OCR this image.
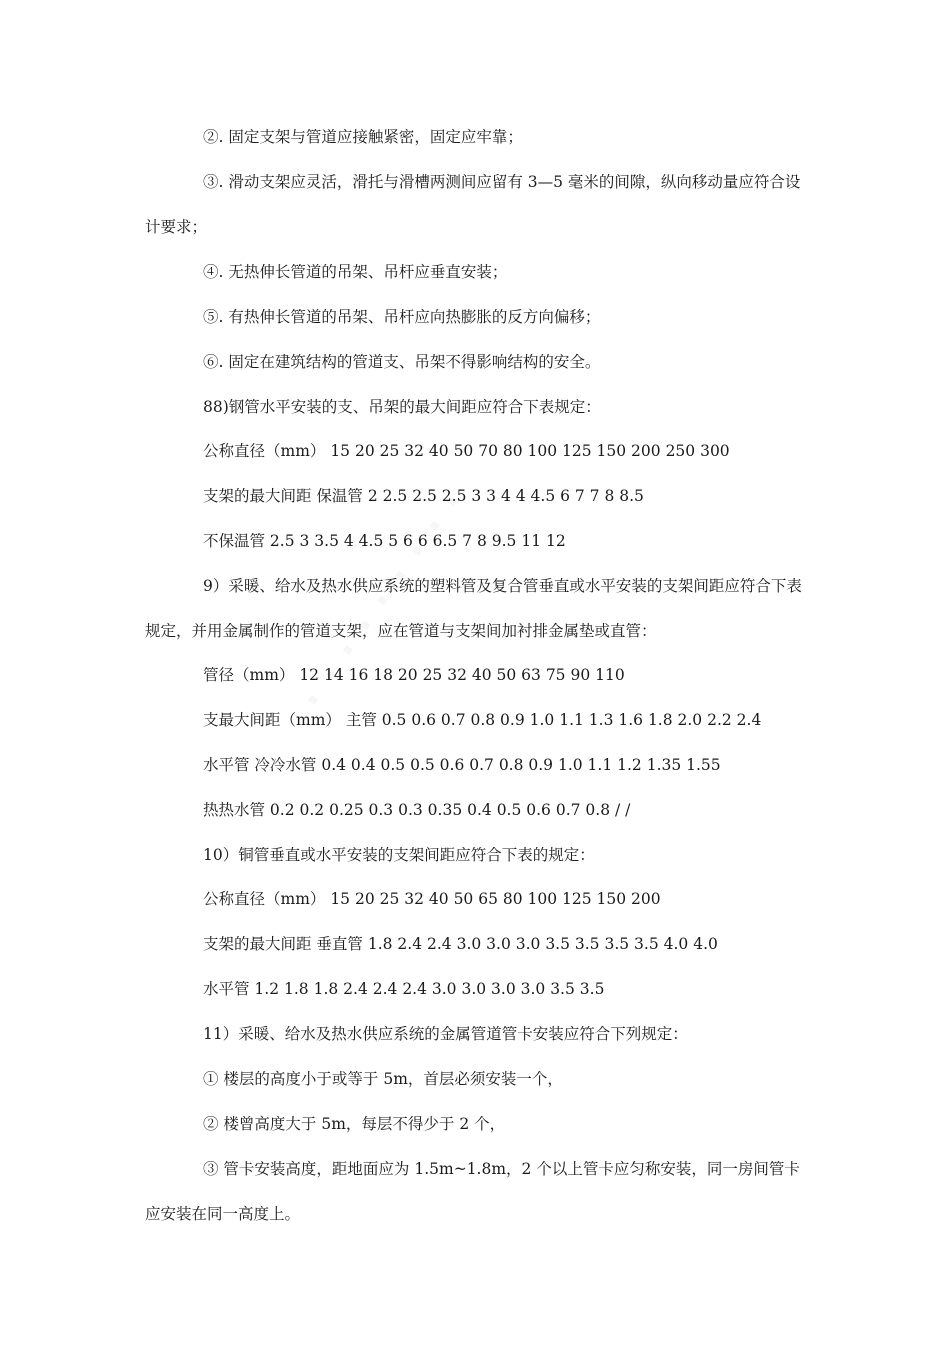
②. 固定支架与管道应接触紧密，固定应牢靠；

③. 滑动支架应灵活，滑托与滑槽两测间应留有 3—5 毫米的间隙，纵向移动量应符合设计要求；

④. 无热伸长管道的吊架、吊杆应垂直安装；

⑤. 有热伸长管道的吊架、吊杆应向热膨胀的反方向偏移；

⑥. 固定在建筑结构的管道支、吊架不得影响结构的安全。

88)钢管水平安装的支、吊架的最大间距应符合下表规定：

公称直径（mm） 15 20 25 32 40 50 70 80 100 125 150 200 250 300

支架的最大间距 保温管 2 2.5 2.5 2.5 3 3 4 4 4.5 6 7 7 8 8.5

不保温管 2.5 3 3.5 4 4.5 5 6 6 6.5 7 8 9.5 11 12

9）采暖、给水及热水供应系统的塑料管及复合管垂直或水平安装的支架间距应符合下表规定，并用金属制作的管道支架，应在管道与支架间加衬排金属垫或直管：

管径（mm） 12 14 16 18 20 25 32 40 50 63 75 90 110

支最大间距（mm） 主管 0.5 0.6 0.7 0.8 0.9 1.0 1.1 1.3 1.6 1.8 2.0 2.2 2.4

水平管 冷冷水管 0.4 0.4 0.5 0.5 0.6 0.7 0.8 0.9 1.0 1.1 1.2 1.35 1.55

热热水管 0.2 0.2 0.25 0.3 0.3 0.35 0.4 0.5 0.6 0.7 0.8 / /

10）铜管垂直或水平安装的支架间距应符合下表的规定：

公称直径（mm） 15 20 25 32 40 50 65 80 100 125 150 200

支架的最大间距 垂直管 1.8 2.4 2.4 3.0 3.0 3.0 3.5 3.5 3.5 3.5 4.0 4.0

水平管 1.2 1.8 1.8 2.4 2.4 2.4 3.0 3.0 3.0 3.0 3.5 3.5

11）采暖、给水及热水供应系统的金属管道管卡安装应符合下列规定：

① 楼层的高度小于或等于 5m，首层必须安装一个，

② 楼曾高度大于 5m，每层不得少于 2 个，

③ 管卡安装高度，距地面应为 1.5m~1.8m，2 个以上管卡应匀称安装，同一房间管卡应安装在同一高度上。
